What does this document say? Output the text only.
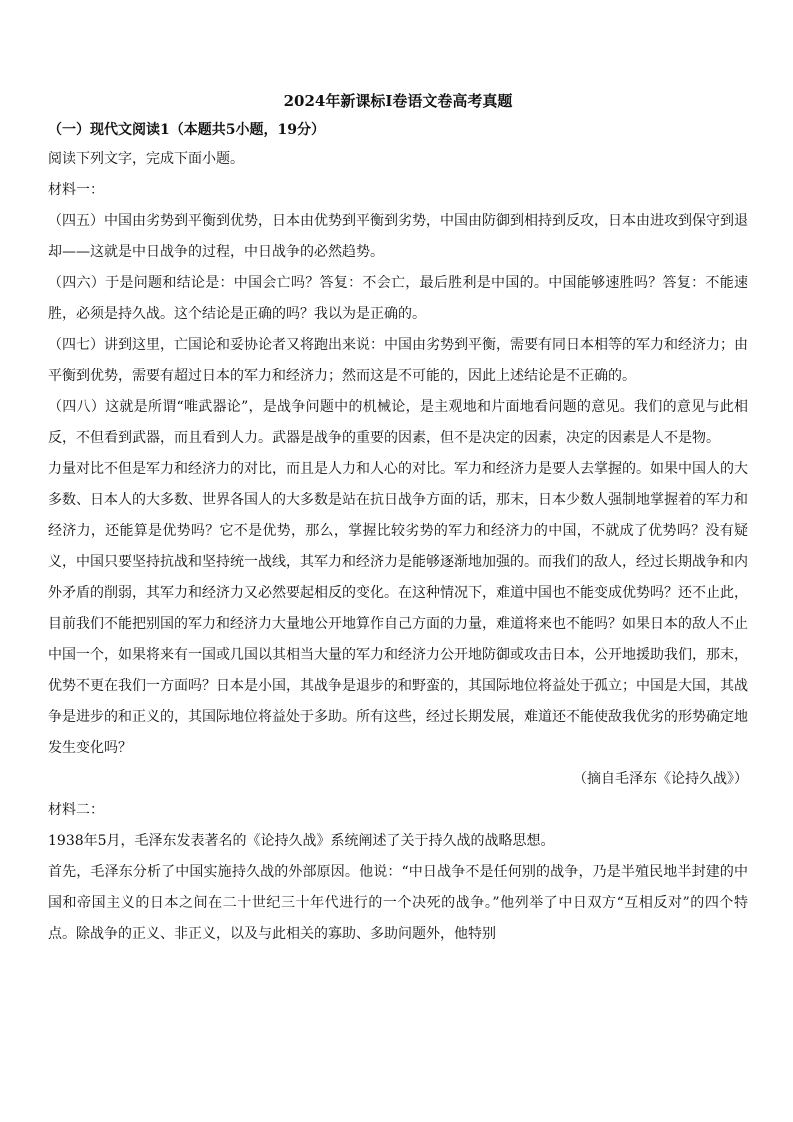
2024年新课标Ⅰ卷语文卷高考真题
（一）现代文阅读1（本题共5小题，19分）

阅读下列文字，完成下面小题。

材料一：

（四五）中国由劣势到平衡到优势，日本由优势到平衡到劣势，中国由防御到相持到反攻，日本由进攻到保守到退却——这就是中日战争的过程，中日战争的必然趋势。

（四六）于是问题和结论是：中国会亡吗？答复：不会亡，最后胜利是中国的。中国能够速胜吗？答复：不能速胜，必须是持久战。这个结论是正确的吗？我以为是正确的。

（四七）讲到这里，亡国论和妥协论者又将跑出来说：中国由劣势到平衡，需要有同日本相等的军力和经济力；由平衡到优势，需要有超过日本的军力和经济力；然而这是不可能的，因此上述结论是不正确的。

（四八）这就是所谓“唯武器论”，是战争问题中的机械论，是主观地和片面地看问题的意见。我们的意见与此相反，不但看到武器，而且看到人力。武器是战争的重要的因素，但不是决定的因素，决定的因素是人不是物。

力量对比不但是军力和经济力的对比，而且是人力和人心的对比。军力和经济力是要人去掌握的。如果中国人的大多数、日本人的大多数、世界各国人的大多数是站在抗日战争方面的话，那末，日本少数人强制地掌握着的军力和经济力，还能算是优势吗？它不是优势，那么，掌握比较劣势的军力和经济力的中国，不就成了优势吗？没有疑义，中国只要坚持抗战和坚持统一战线，其军力和经济力是能够逐渐地加强的。而我们的敌人，经过长期战争和内外矛盾的削弱，其军力和经济力又必然要起相反的变化。在这种情况下，难道中国也不能变成优势吗？还不止此，目前我们不能把别国的军力和经济力大量地公开地算作自己方面的力量，难道将来也不能吗？如果日本的敌人不止中国一个，如果将来有一国或几国以其相当大量的军力和经济力公开地防御或攻击日本，公开地援助我们，那末，优势不更在我们一方面吗？日本是小国，其战争是退步的和野蛮的，其国际地位将益处于孤立；中国是大国，其战争是进步的和正义的，其国际地位将益处于多助。所有这些，经过长期发展，难道还不能使敌我优劣的形势确定地发生变化吗？

（摘自毛泽东《论持久战》）

材料二：

1938年5月，毛泽东发表著名的《论持久战》系统阐述了关于持久战的战略思想。

首先，毛泽东分析了中国实施持久战的外部原因。他说：“中日战争不是任何别的战争，乃是半殖民地半封建的中国和帝国主义的日本之间在二十世纪三十年代进行的一个决死的战争。”他列举了中日双方“互相反对”的四个特点。除战争的正义、非正义，以及与此相关的寡助、多助问题外，他特别
